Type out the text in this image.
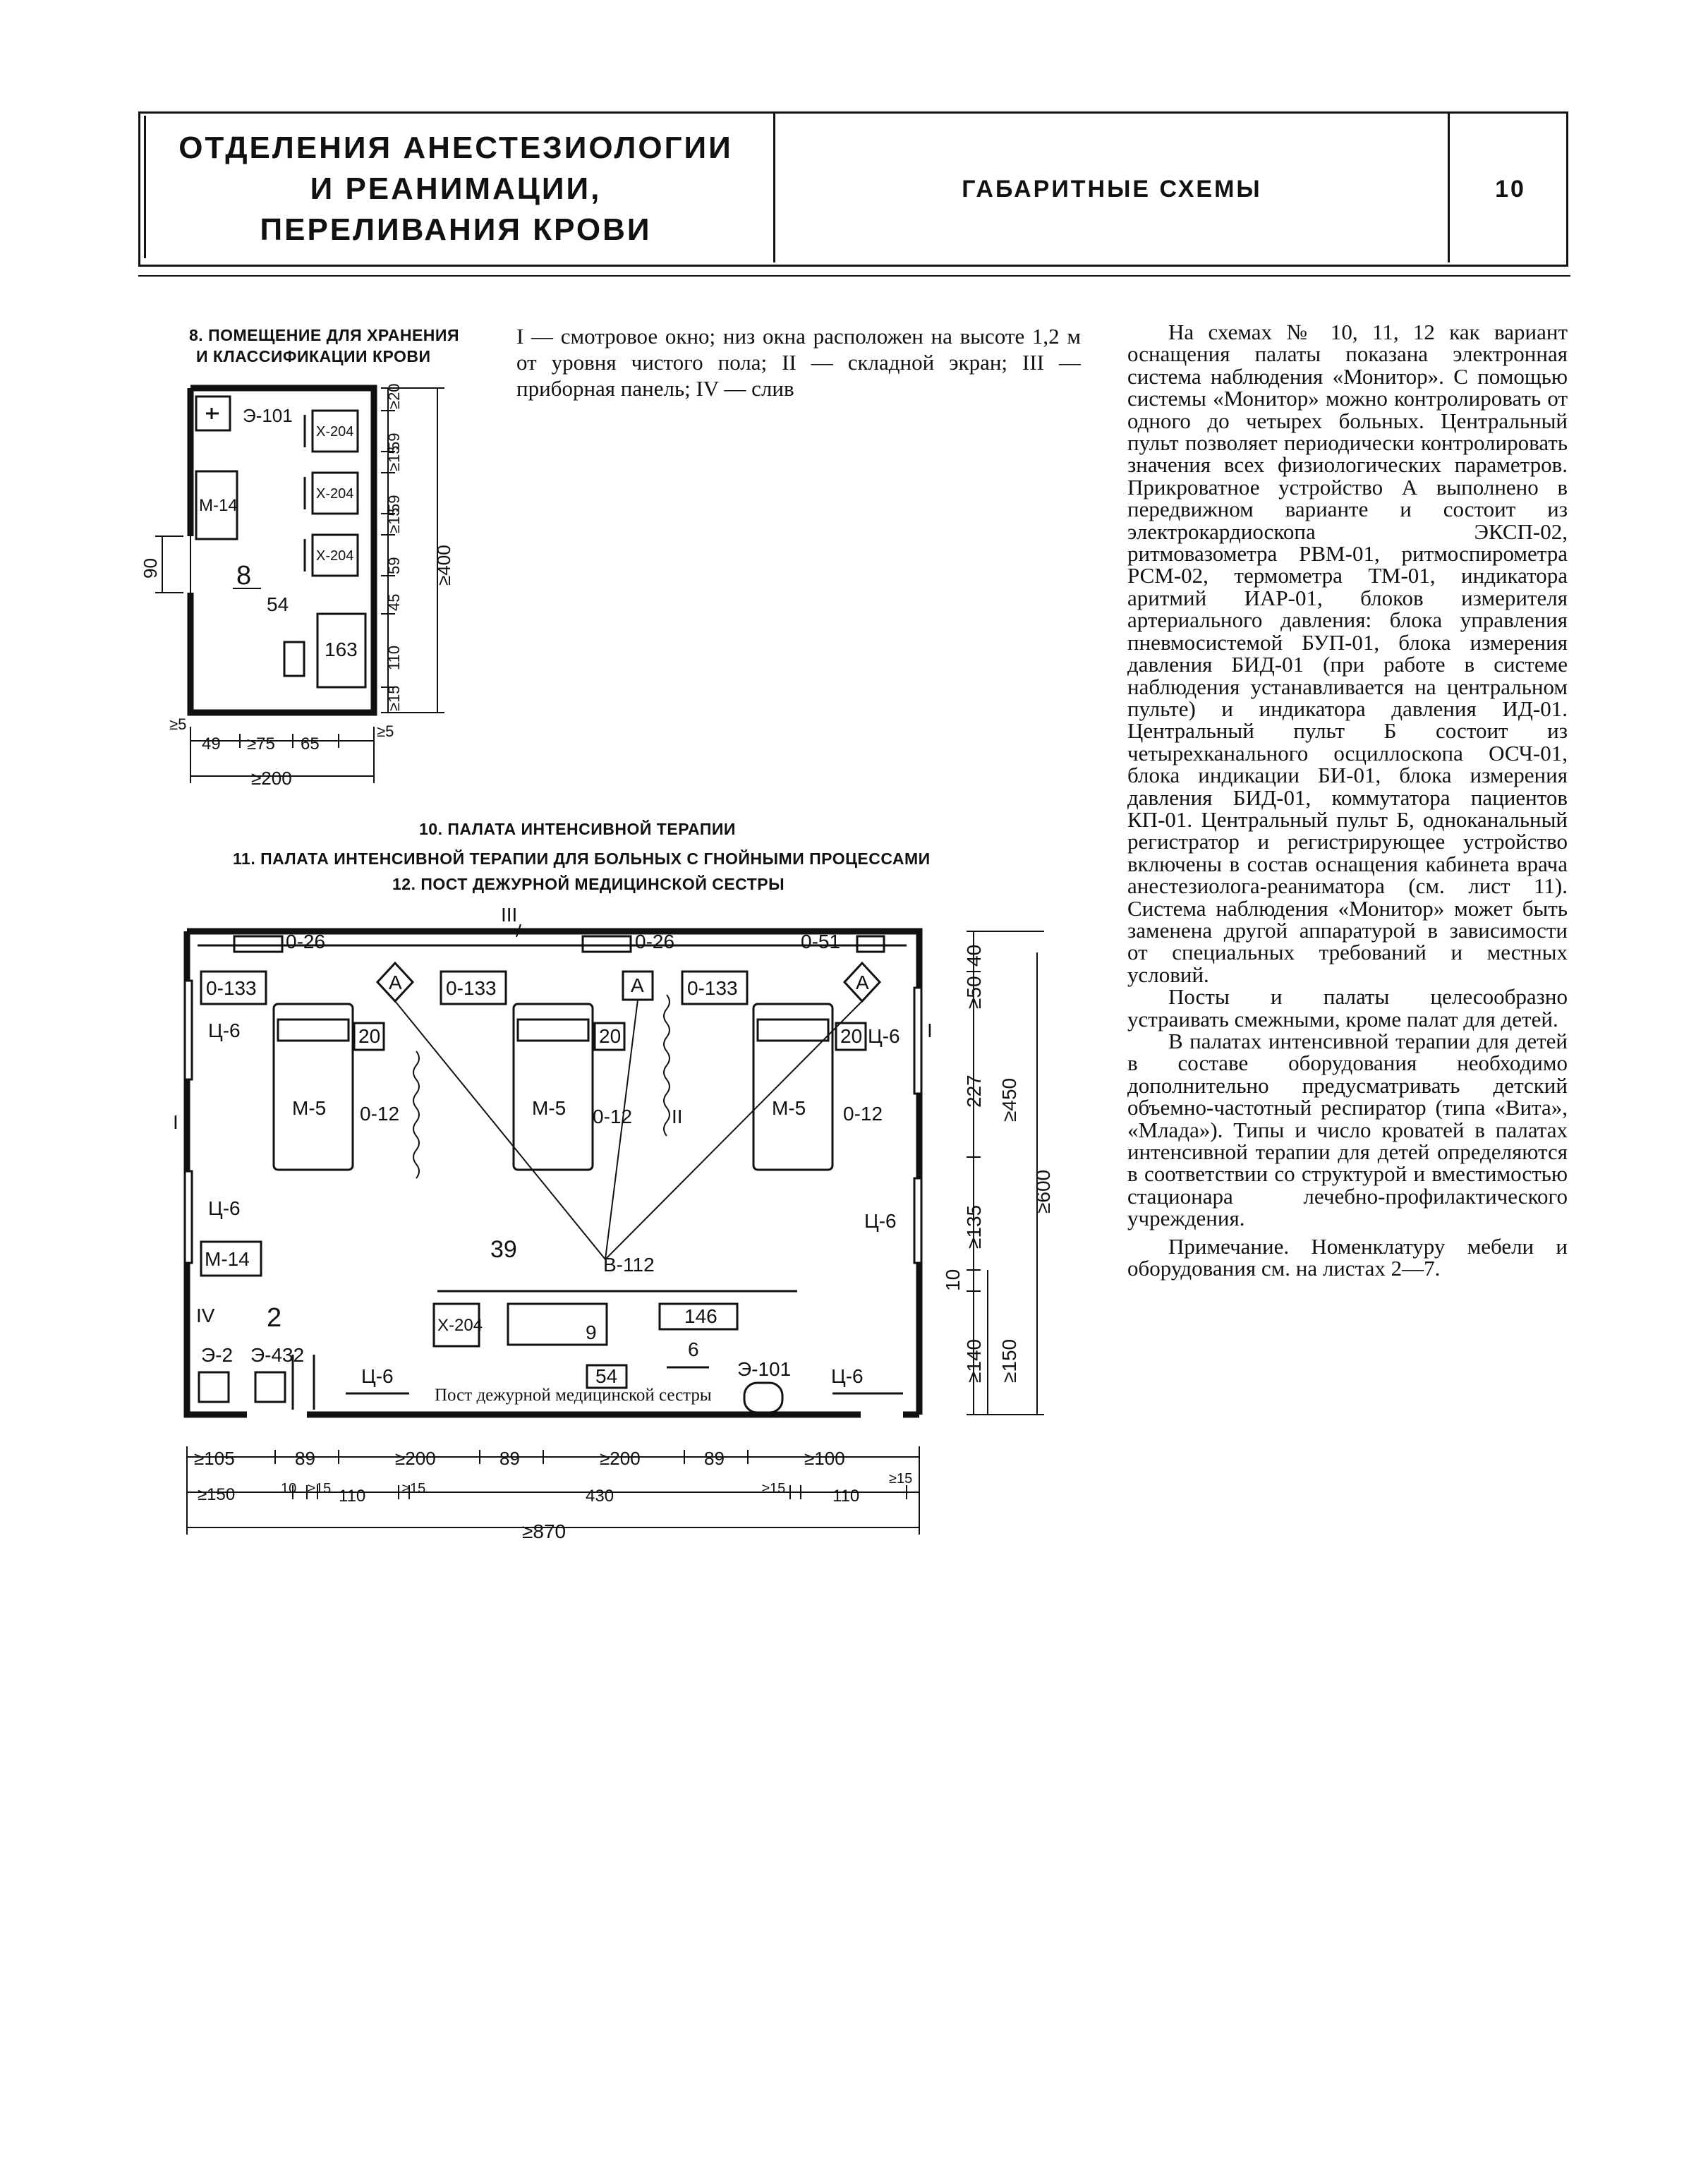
ОТДЕЛЕНИЯ АНЕСТЕЗИОЛОГИИ
И РЕАНИМАЦИИ,
ПЕРЕЛИВАНИЯ КРОВИ
ГАБАРИТНЫЕ СХЕМЫ	10
8. ПОМЕЩЕНИЕ ДЛЯ ХРАНЕНИЯ
И КЛАССИФИКАЦИИ КРОВИ
I — смотровое окно; низ окна расположен на высоте 1,2 м от уровня чистого пола; II — складной экран; III — приборная панель; IV — слив
Э-101
Х-204
Х-204
Х-204
М-14
8
54
163
≥20
59
≥15
59
≥15
59
45
110
≥15
≥400
90
≥5	≥5
49 ≥75 65
≥200
10. ПАЛАТА ИНТЕНСИВНОЙ ТЕРАПИИ
11. ПАЛАТА ИНТЕНСИВНОЙ ТЕРАПИИ ДЛЯ БОЛЬНЫХ С ГНОЙНЫМИ ПРОЦЕССАМИ
12. ПОСТ ДЕЖУРНОЙ МЕДИЦИНСКОЙ СЕСТРЫ
0-26	0-26	0-51
0-133	0-133	0-133
А	А	А
20	20	20
Ц-6	Ц-6
М-5	М-5	М-5
0-12	0-12	0-12
I
I
II
III
Ц-6
Ц-6
М-14	39
В-112
IV 2
Э-2 Э-432
Х-204	146
9
6
54	Э-101
Ц-6	Ц-6
Пост дежурной медицинской сестры
40
≥50
227 ≥450
≥600
≥135
10
≥140 ≥150
≥105	89	≥200	89	≥200	89	≥100
≥150	10 ≥15 110	≥15	430	≥15	110
≥15
≥870

На схемах № 10, 11, 12 как вариант оснащения палаты показана электронная система наблюдения «Монитор». С помощью системы «Монитор» можно контролировать от одного до четырех больных. Центральный пульт позволяет периодически контролировать значения всех физиологических параметров. Прикроватное устройство А выполнено в передвижном варианте и состоит из электрокардиоскопа ЭКСП-02, ритмовазометра РВМ-01, ритмоспирометра РСМ-02, термометра ТМ-01, индикатора аритмий ИАР-01, блоков измерителя артериального давления: блока управления пневмосистемой БУП-01, блока измерения давления БИД-01 (при работе в системе наблюдения устанавливается на центральном пульте) и индикатора давления ИД-01. Центральный пульт Б состоит из четырехканального осциллоскопа ОСЧ-01, блока индикации БИ-01, блока измерения давления БИД-01, коммутатора пациентов КП-01. Центральный пульт Б, одноканальный регистратор и регистрирующее устройство включены в состав оснащения кабинета врача анестезиолога-реаниматора (см. лист 11). Система наблюдения «Монитор» может быть заменена другой аппаратурой в зависимости от специальных требований и местных условий.

Посты и палаты целесообразно устраивать смежными, кроме палат для детей.

В палатах интенсивной терапии для детей в составе оборудования необходимо дополнительно предусматривать детский объемно-частотный респиратор (типа «Вита», «Млада»). Типы и число кроватей в палатах интенсивной терапии для детей определяются в соответствии со структурой и вместимостью стационара лечебно-профилактического учреждения.

Примечание. Номенклатуру мебели и оборудования см. на листах 2—7.
